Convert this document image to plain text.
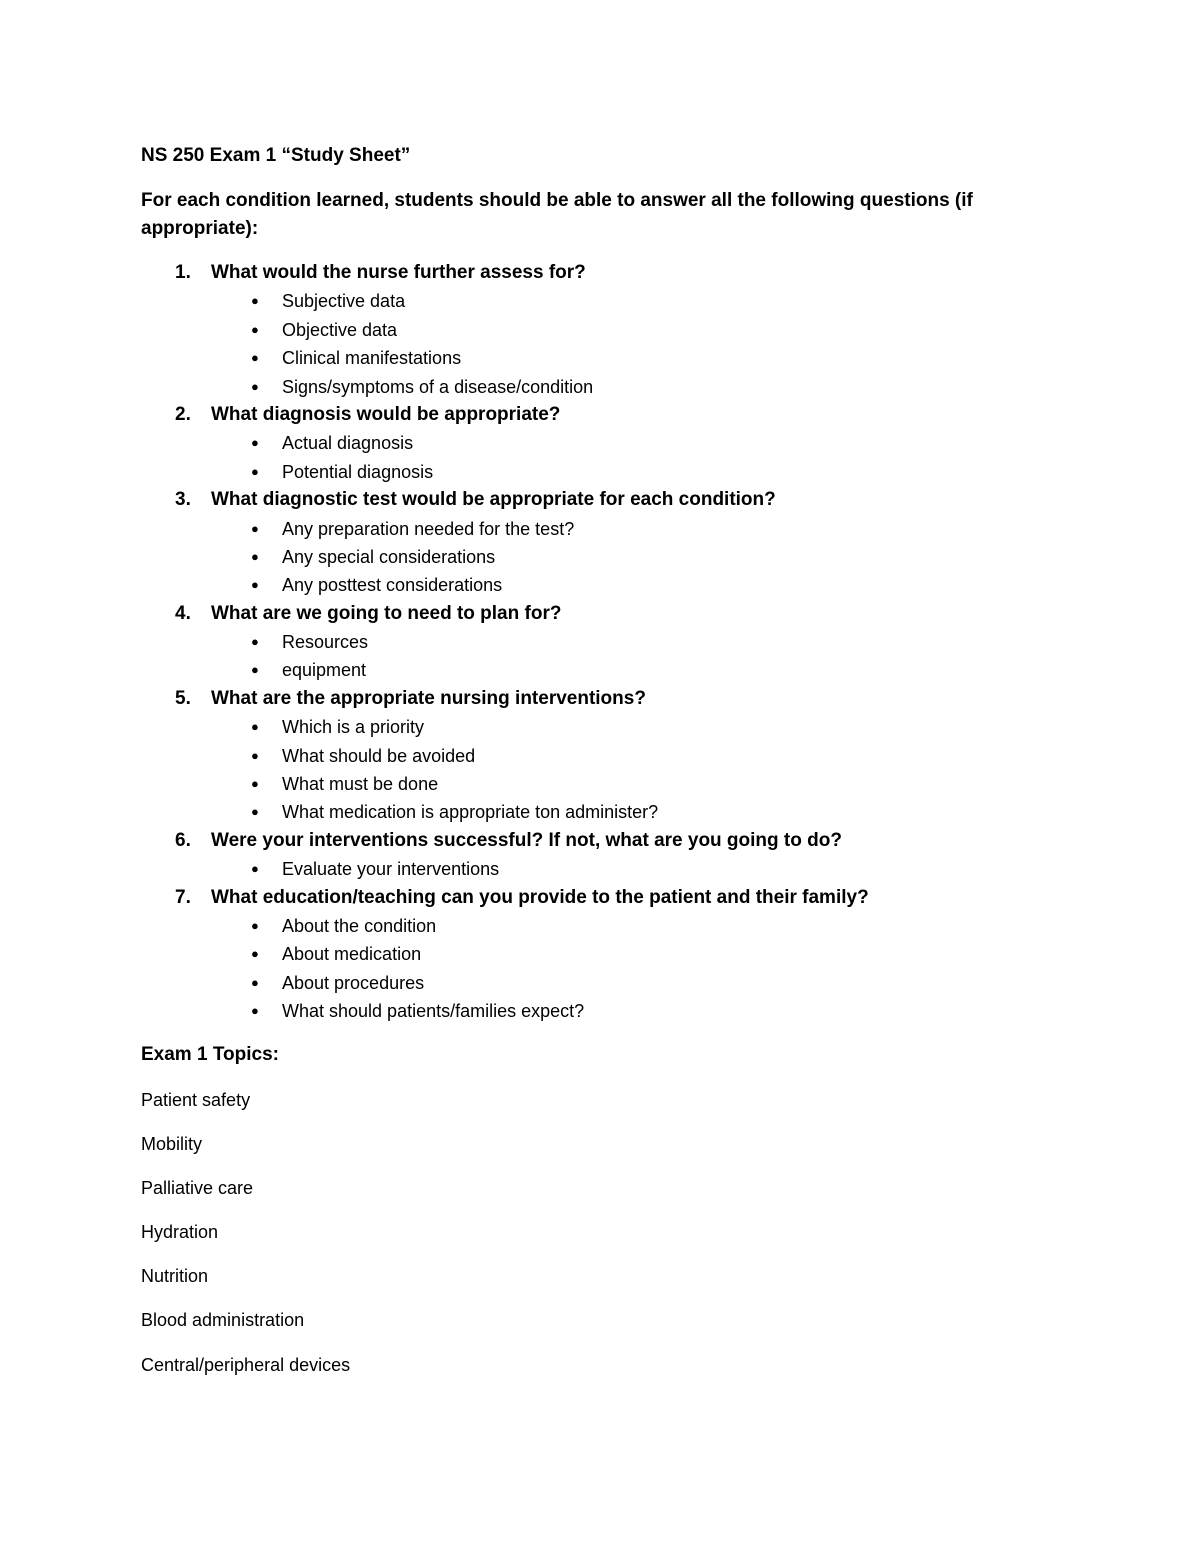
NS 250 Exam 1 “Study Sheet”
For each condition learned, students should be able to answer all the following questions (if appropriate):
1. What would the nurse further assess for?
● Subjective data
● Objective data
● Clinical manifestations
● Signs/symptoms of a disease/condition
2. What diagnosis would be appropriate?
● Actual diagnosis
● Potential diagnosis
3. What diagnostic test would be appropriate for each condition?
● Any preparation needed for the test?
● Any special considerations
● Any posttest considerations
4. What are we going to need to plan for?
● Resources
● equipment
5. What are the appropriate nursing interventions?
● Which is a priority
● What should be avoided
● What must be done
● What medication is appropriate ton administer?
6. Were your interventions successful? If not, what are you going to do?
● Evaluate your interventions
7. What education/teaching can you provide to the patient and their family?
● About the condition
● About medication
● About procedures
● What should patients/families expect?
Exam 1 Topics:
Patient safety
Mobility
Palliative care
Hydration
Nutrition
Blood administration
Central/peripheral devices
